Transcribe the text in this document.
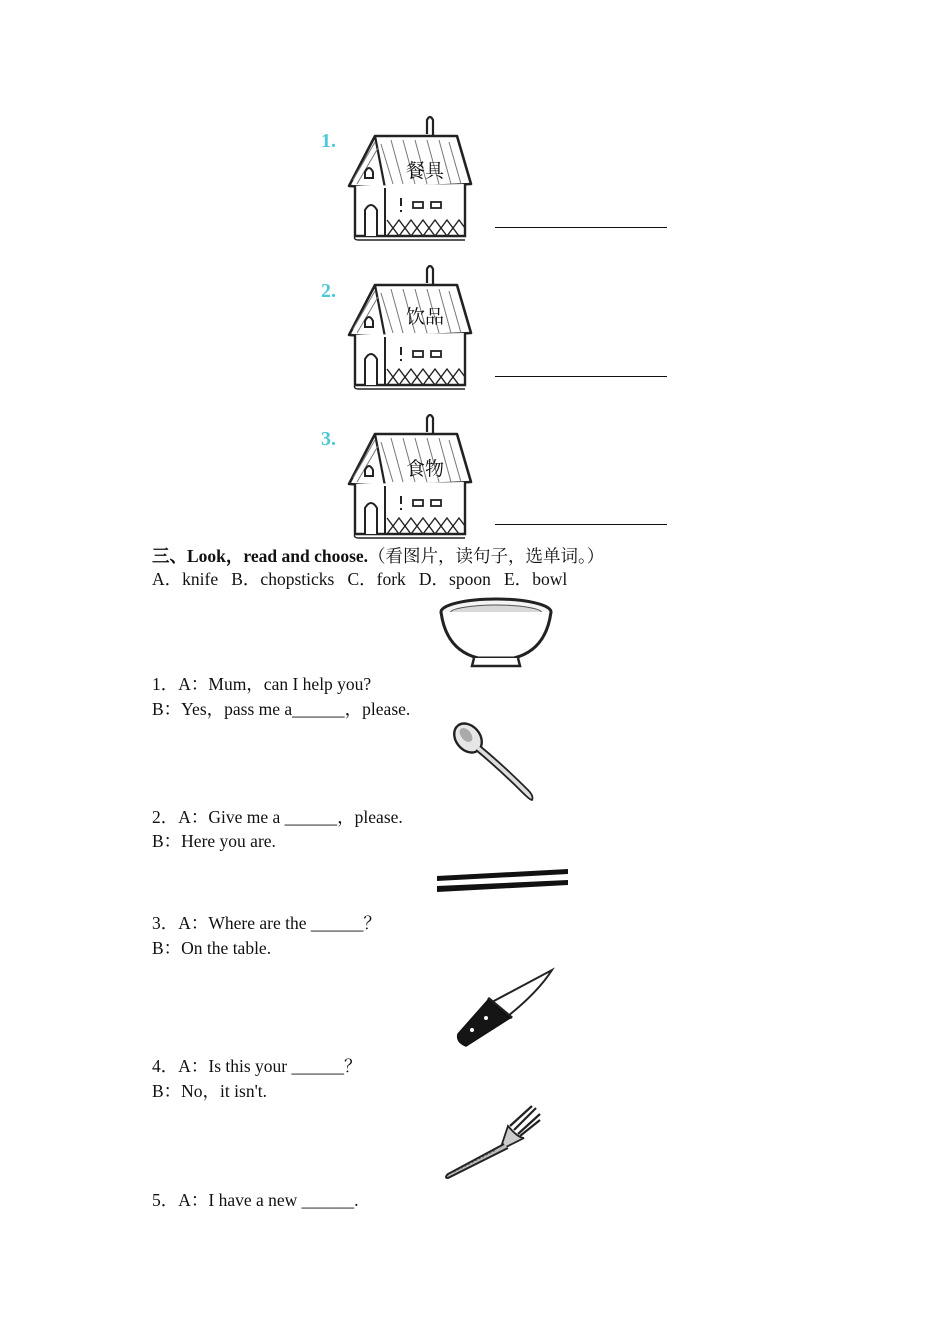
1.
餐具
2.
饮品
3.
食物
三、Look，read and choose.（看图片，读句子，选单词。）
A．knife B．chopsticks C．fork D．spoon E．bowl
1．A：Mum，can I help you?
B：Yes，pass me a______，please.
2．A：Give me a ______，please.
B：Here you are.
3．A：Where are the ______？
B：On the table.
4．A：Is this your ______？
B：No，it isn't.
5．A：I have a new ______.
